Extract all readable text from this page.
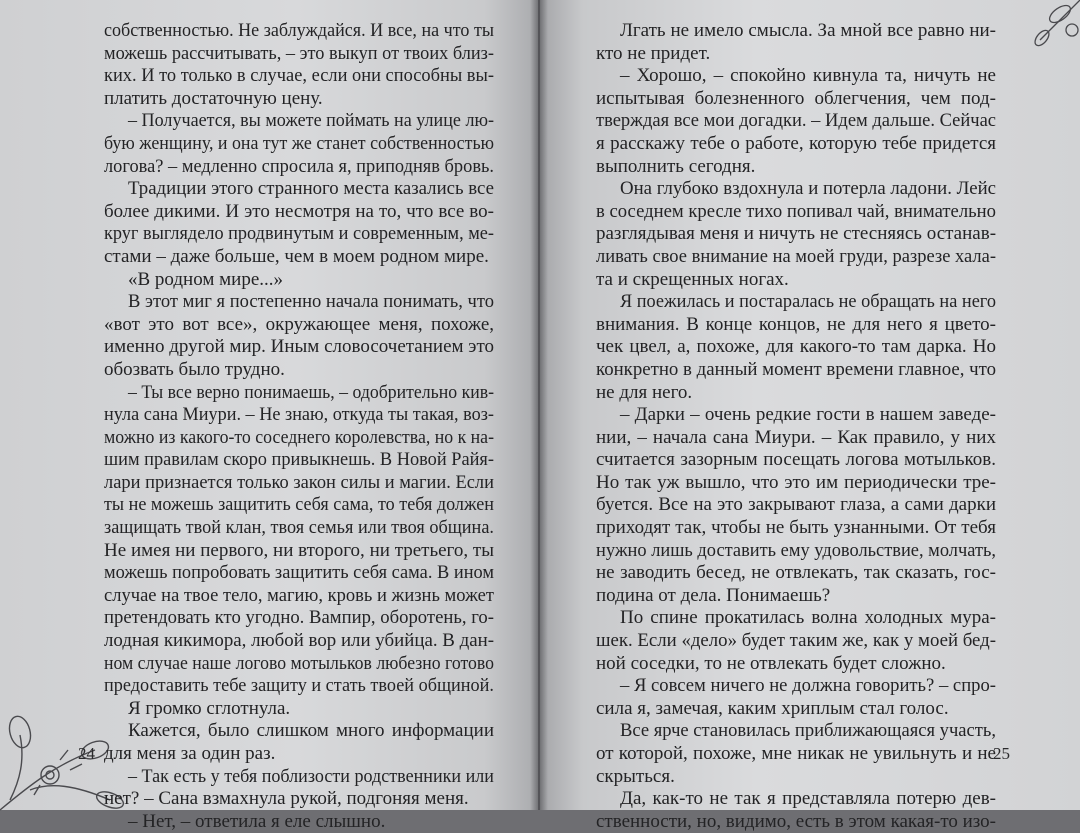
собственностью. Не заблуждайся. И все, на что ты
можешь рассчитывать, – это выкуп от твоих близ-
ких. И то только в случае, если они способны вы-
платить достаточную цену.
– Получается, вы можете поймать на улице лю-
бую женщину, и она тут же станет собственностью
логова? – медленно спросила я, приподняв бровь.
Традиции этого странного места казались все
более дикими. И это несмотря на то, что все во-
круг выглядело продвинутым и современным, ме-
стами – даже больше, чем в моем родном мире.
«В родном мире...»
В этот миг я постепенно начала понимать, что
«вот это вот все», окружающее меня, похоже,
именно другой мир. Иным словосочетанием это
обозвать было трудно.
– Ты все верно понимаешь, – одобрительно кив-
нула сана Миури. – Не знаю, откуда ты такая, воз-
можно из какого-то соседнего королевства, но к на-
шим правилам скоро привыкнешь. В Новой Райя-
лари признается только закон силы и магии. Если
ты не можешь защитить себя сама, то тебя должен
защищать твой клан, твоя семья или твоя община.
Не имея ни первого, ни второго, ни третьего, ты
можешь попробовать защитить себя сама. В ином
случае на твое тело, магию, кровь и жизнь может
претендовать кто угодно. Вампир, оборотень, го-
лодная кикимора, любой вор или убийца. В дан-
ном случае наше логово мотыльков любезно готово
предоставить тебе защиту и стать твоей общиной.
Я громко сглотнула.
Кажется, было слишком много информации
для меня за один раз.
– Так есть у тебя поблизости родственники или
нет? – Сана взмахнула рукой, подгоняя меня.
– Нет, – ответила я еле слышно.
24
Лгать не имело смысла. За мной все равно ни-
кто не придет.
– Хорошо, – спокойно кивнула та, ничуть не
испытывая болезненного облегчения, чем под-
тверждая все мои догадки. – Идем дальше. Сейчас
я расскажу тебе о работе, которую тебе придется
выполнить сегодня.
Она глубоко вздохнула и потерла ладони. Лейс
в соседнем кресле тихо попивал чай, внимательно
разглядывая меня и ничуть не стесняясь останав-
ливать свое внимание на моей груди, разрезе хала-
та и скрещенных ногах.
Я поежилась и постаралась не обращать на него
внимания. В конце концов, не для него я цвето-
чек цвел, а, похоже, для какого-то там дарка. Но
конкретно в данный момент времени главное, что
не для него.
– Дарки – очень редкие гости в нашем заведе-
нии, – начала сана Миури. – Как правило, у них
считается зазорным посещать логова мотыльков.
Но так уж вышло, что это им периодически тре-
буется. Все на это закрывают глаза, а сами дарки
приходят так, чтобы не быть узнанными. От тебя
нужно лишь доставить ему удовольствие, молчать,
не заводить бесед, не отвлекать, так сказать, гос-
подина от дела. Понимаешь?
По спине прокатилась волна холодных мура-
шек. Если «дело» будет таким же, как у моей бед-
ной соседки, то не отвлекать будет сложно.
– Я совсем ничего не должна говорить? – спро-
сила я, замечая, каким хриплым стал голос.
Все ярче становилась приближающаяся участь,
от которой, похоже, мне никак не увильнуть и не
скрыться.
Да, как-то не так я представляла потерю дев-
ственности, но, видимо, есть в этом какая-то изо-
25
